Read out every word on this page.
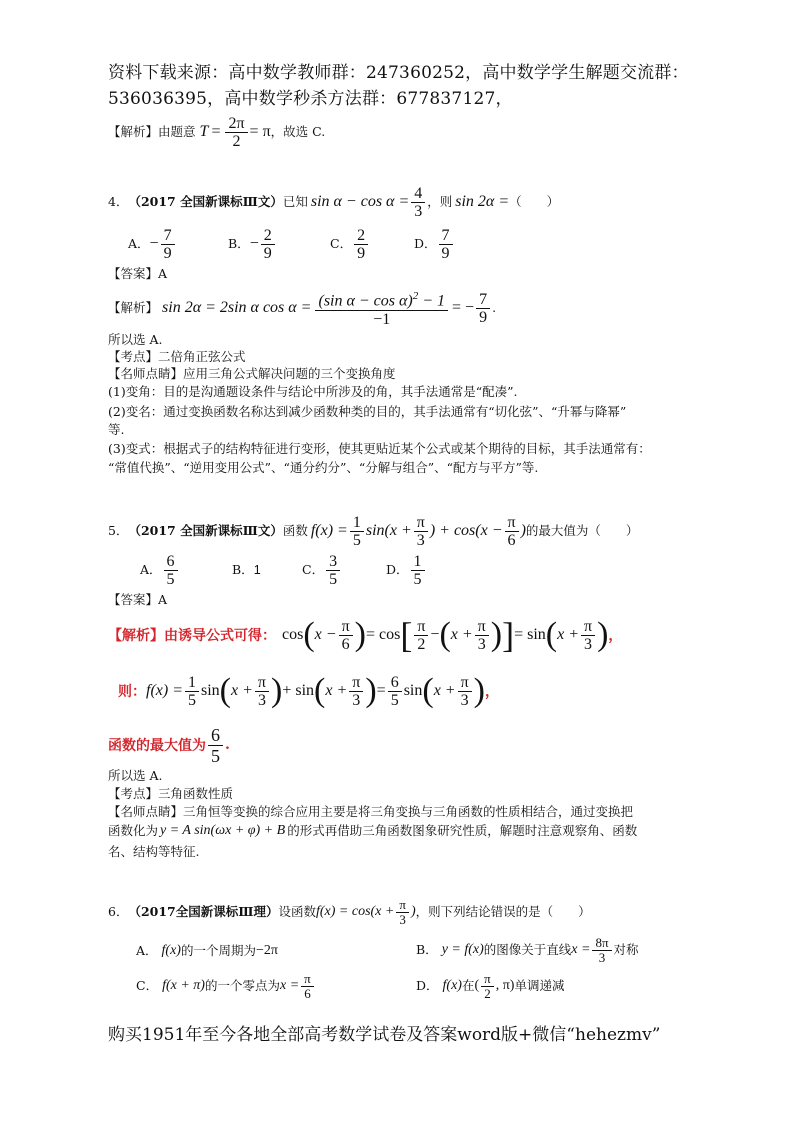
资料下载来源：高中数学教师群：247360252，高中数学学生解题交流群：
536036395，高中数学秒杀方法群：677837127，
【解析】 由题意 $T = \frac{2\pi}{2} = \pi$ ，故选 C.
4． （2017 全国新课标Ⅲ文） 已知 $\sin \alpha - \cos \alpha = \frac{4}{3}$ ，则 sin 2α = （　　）
A． − $\frac{7}{9}$	B． − $\frac{2}{9}$	C． $\frac{2}{9}$	D． $\frac{7}{9}$
【答案】A
【解析】 sin 2α = 2sin α $\cos \alpha = \frac{(\sin \alpha - \cos \alpha)^2 - 1}{-1}$ = − $\frac{7}{9}$ .
所以选 A.
【考点】二倍角正弦公式
【名师点睛】应用三角公式解决问题的三个变换角度
(1)变角：目的是沟通题设条件与结论中所涉及的角，其手法通常是“配凑”.
(2)变名：通过变换函数名称达到减少函数种类的目的，其手法通常有“切化弦”、“升幂与降幂”
等.
(3)变式：根据式子的结构特征进行变形，使其更贴近某个公式或某个期待的目标，其手法通常有：
“常值代换”、“逆用变用公式”、“通分约分”、“分解与组合”、“配方与平方”等.
5． （2017 全国新课标Ⅲ文） 函数 $f(x) = \frac{1}{5} \sin(x + \frac{\pi}{3}$ ) + $\cos(x - \frac{\pi}{6}$ ) 的最大值为（　　）
A． $\frac{6}{5}$	B． 1	C． $\frac{3}{5}$	D． $\frac{1}{5}$
【答案】A
【解析】 由诱导公式可得： cos ( $x - \frac{\pi}{6}$ ) = cos [ $\frac{\pi}{2}$ − ( $x + \frac{\pi}{3}$ ) ] = sin ( $x + \frac{\pi}{3}$ ) ，
则： $f(x) = \frac{1}{5}$ sin ( $x + \frac{\pi}{3}$ ) + sin ( $x + \frac{\pi}{3}$ ) = $\frac{6}{5}$ sin ( $x + \frac{\pi}{3}$ ) ，
函数的最大值为 $\frac{6}{5}$ .
所以选 A.
【考点】三角函数性质
【名师点睛】三角恒等变换的综合应用主要是将三角变换与三角函数的性质相结合，通过变换把
函数化为 y = A sin(ωx + φ) + B 的形式再借助三角函数图象研究性质，解题时注意观察角、函数
名、结构等特征.
6． （2017全国新课标Ⅲ理） 设函数 $f(x) = \cos(x + \frac{\pi}{3}$ ) ，则下列结论错误的是（　　）
A． f(x) 的一个周期为 −2π	B． y = f(x) 的图像关于直线 $x = \frac{8\pi}{3}$ 对称
C． f(x + π) 的一个零点为 $x = \frac{\pi}{6}$	D． f(x) 在 ( $\frac{\pi}{2}$ , π) 单调递减
购买1951年至今各地全部高考数学试卷及答案word版+微信“hehezmv”
